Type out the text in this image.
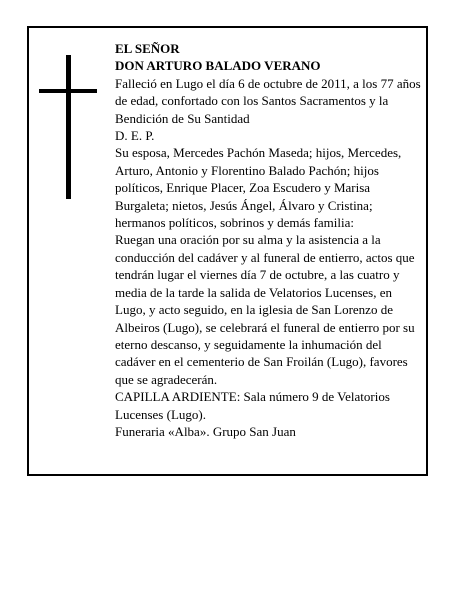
EL SEÑOR

DON ARTURO BALADO VERANO

Falleció en Lugo el día 6 de octubre de 2011, a los 77 años de edad, confortado con los Santos Sacramentos y la Bendición de Su Santidad

D. E. P.

Su esposa, Mercedes Pachón Maseda; hijos, Mercedes, Arturo, Antonio y Florentino Balado Pachón; hijos políticos, Enrique Placer, Zoa Escudero y Marisa Burgaleta; nietos, Jesús Ángel, Álvaro y Cristina; hermanos políticos, sobrinos y demás familia:

Ruegan una oración por su alma y la asistencia a la conducción del cadáver y al funeral de entierro, actos que tendrán lugar el viernes día 7 de octubre, a las cuatro y media de la tarde la salida de Velatorios Lucenses, en Lugo, y acto seguido, en la iglesia de San Lorenzo de Albeiros (Lugo), se celebrará el funeral de entierro por su eterno descanso, y seguidamente la inhumación del cadáver en el cementerio de San Froilán (Lugo), favores que se agradecerán.

CAPILLA ARDIENTE: Sala número 9 de Velatorios Lucenses (Lugo).

Funeraria «Alba». Grupo San Juan
